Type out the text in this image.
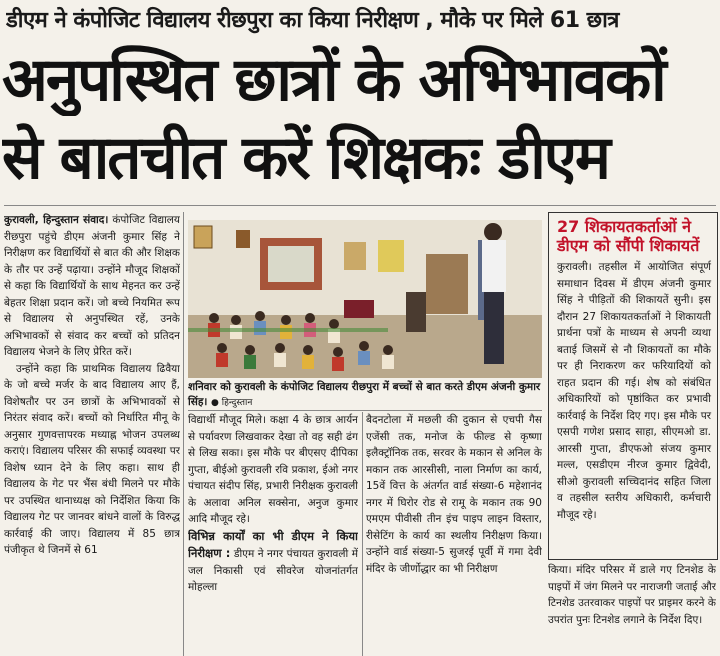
डीएम ने कंपोजिट विद्यालय रीछपुरा का किया निरीक्षण , मौके पर मिले 61 छात्र
अनुपस्थित छात्रों के अभिभावकों
से बातचीत करें शिक्षकः डीएम

कुरावली, हिन्दुस्तान संवाद। कंपोजिट विद्यालय रीछपुरा पहुंचे डीएम अंजनी कुमार सिंह ने निरीक्षण कर विद्यार्थियों से बात की और शिक्षक के तौर पर उन्हें पढ़ाया। उन्होंने मौजूद शिक्षकों से कहा कि विद्यार्थियों के साथ मेहनत कर उन्हें बेहतर शिक्षा प्रदान करें। जो बच्चे नियमित रूप से विद्यालय से अनुपस्थित रहें, उनके अभिभावकों से संवाद कर बच्चों को प्रतिदन विद्यालय भेजने के लिए प्रेरित करें।

उन्होंने कहा कि प्राथमिक विद्यालय ढिवैया के जो बच्चे मर्जर के बाद विद्यालय आए हैं, विशेषतौर पर उन छात्रों के अभिभावकों से निरंतर संवाद करें। बच्चों को निर्धारित मीनू के अनुसार गुणवत्तापरक मध्याह्न भोजन उपलब्ध कराएं। विद्यालय परिसर की सफाई व्यवस्था पर विशेष ध्यान देने के लिए कहा। साथ ही विद्यालय के गेट पर भैंस बंधी मिलने पर मौके पर उपस्थित थानाध्यक्ष को निर्देशित किया कि विद्यालय गेट पर जानवर बांधने वालों के विरुद्ध कार्रवाई की जाए। विद्यालय में 85 छात्र पंजीकृत थे जिनमें से 61

शनिवार को कुरावली के कंपोजिट विद्यालय रीछपुरा में बच्चों से बात करते डीएम अंजनी कुमार सिंह। ● हिन्दुस्तान

विद्यार्थी मौजूद मिले। कक्षा 4 के छात्र आर्यन से पर्यावरण लिखवाकर देखा तो वह सही ढंग से लिख सका। इस मौके पर बीएसए दीपिका गुप्ता, बीईओ कुरावली रवि प्रकाश, ईओ नगर पंचायत संदीप सिंह, प्रभारी निरीक्षक कुरावली के अलावा अनिल सक्सेना, अनुज कुमार आदि मौजूद रहे।

विभिन्न कार्यों का भी डीएम ने किया निरीक्षण : डीएम ने नगर पंचायत कुरावली में जल निकासी एवं सीवरेज योजनांतर्गत मोहल्ला

बैदनटोला में मछली की दुकान से एचपी गैस एजेंसी तक, मनोज के फील्ड से कृष्णा इलैक्ट्रॉनिक तक, सरवर के मकान से अनिल के मकान तक आरसीसी, नाला निर्माण का कार्य, 15वें वित्त के अंतर्गत वार्ड संख्या-6 महेशानंद नगर में घिरोर रोड से रामू के मकान तक 90 एमएम पीवीसी तीन इंच पाइप लाइन विस्तार, रीसेटिंग के कार्य का स्थलीय निरीक्षण किया। उन्होंने वार्ड संख्या-5 सुजरई पूर्वी में गमा देवी मंदिर के जीर्णोद्धार का भी निरीक्षण

27 शिकायतकर्ताओं ने डीएम को सौंपी शिकायतें
कुरावली। तहसील में आयोजित संपूर्ण समाधान दिवस में डीएम अंजनी कुमार सिंह ने पीड़ितों की शिकायतें सुनी। इस दौरान 27 शिकायतकर्ताओं ने शिकायती प्रार्थना पत्रों के माध्यम से अपनी व्यथा बताई जिसमें से नौ शिकायतों का मौके पर ही निराकरण कर फरियादियों को राहत प्रदान की गई। शेष को संबंधित अधिकारियों को पृष्ठांकित कर प्रभावी कार्रवाई के निर्देश दिए गए। इस मौके पर एसपी गणेश प्रसाद साहा, सीएमओ डा. आरसी गुप्ता, डीएफओ संजय कुमार मल्ल, एसडीएम नीरज कुमार द्विवेदी, सीओ कुरावली सच्चिदानंद सहित जिला व तहसील स्तरीय अधिकारी, कर्मचारी मौजूद रहे।

किया। मंदिर परिसर में डाले गए टिनशेड के पाइपों में जंग मिलने पर नाराजगी जताई और टिनशेड उतरवाकर पाइपों पर प्राइमर करने के उपरांत पुनः टिनशेड लगाने के निर्देश दिए।
